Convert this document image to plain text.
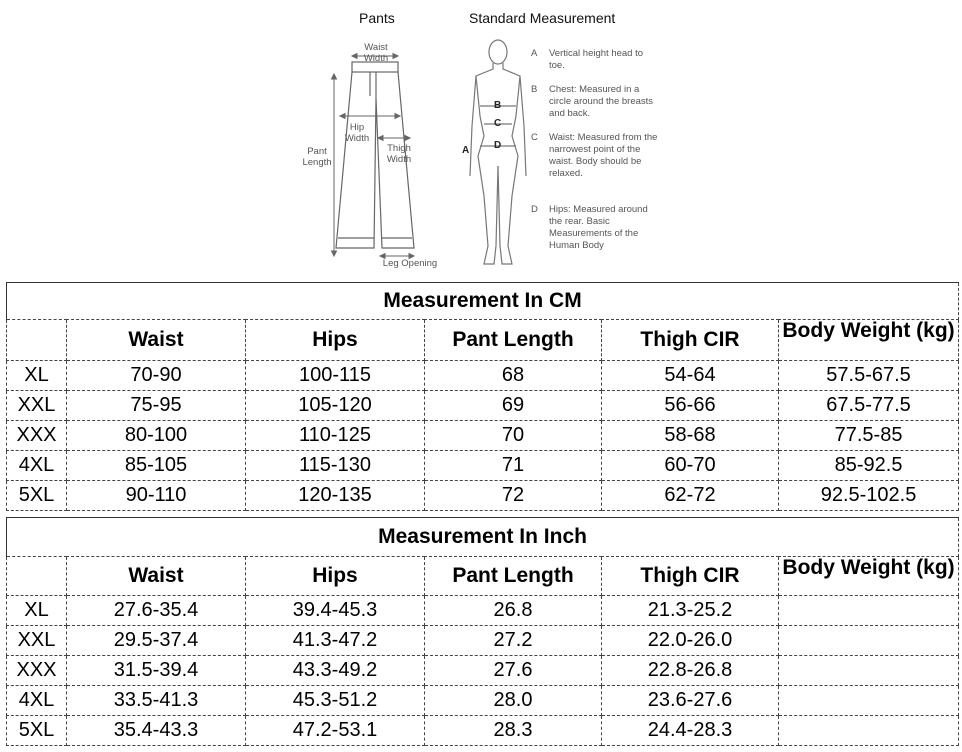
Pants	Standard Measurement
Waist
Width
Hip
Width
Pant
Length
Thigh
Width
Leg Opening
B
C
D
A
A Vertical height head to toe.
B Chest: Measured in a circle around the breasts and back.
C Waist: Measured from the narrowest point of the waist. Body should be relaxed.
D Hips: Measured around the rear. Basic Measurements of the Human Body
Measurement In CM					
	Waist	Hips	Pant Length	Thigh CIR	Body Weight (kg)
XL	70-90	100-115	68	54-64	57.5-67.5
XXL	75-95	105-120	69	56-66	67.5-77.5
XXX	80-100	110-125	70	58-68	77.5-85
4XL	85-105	115-130	71	60-70	85-92.5
5XL	90-110	120-135	72	62-72	92.5-102.5
Measurement In Inch					
	Waist	Hips	Pant Length	Thigh CIR	Body Weight (kg)
XL	27.6-35.4	39.4-45.3	26.8	21.3-25.2	
XXL	29.5-37.4	41.3-47.2	27.2	22.0-26.0	
XXX	31.5-39.4	43.3-49.2	27.6	22.8-26.8	
4XL	33.5-41.3	45.3-51.2	28.0	23.6-27.6	
5XL	35.4-43.3	47.2-53.1	28.3	24.4-28.3	
